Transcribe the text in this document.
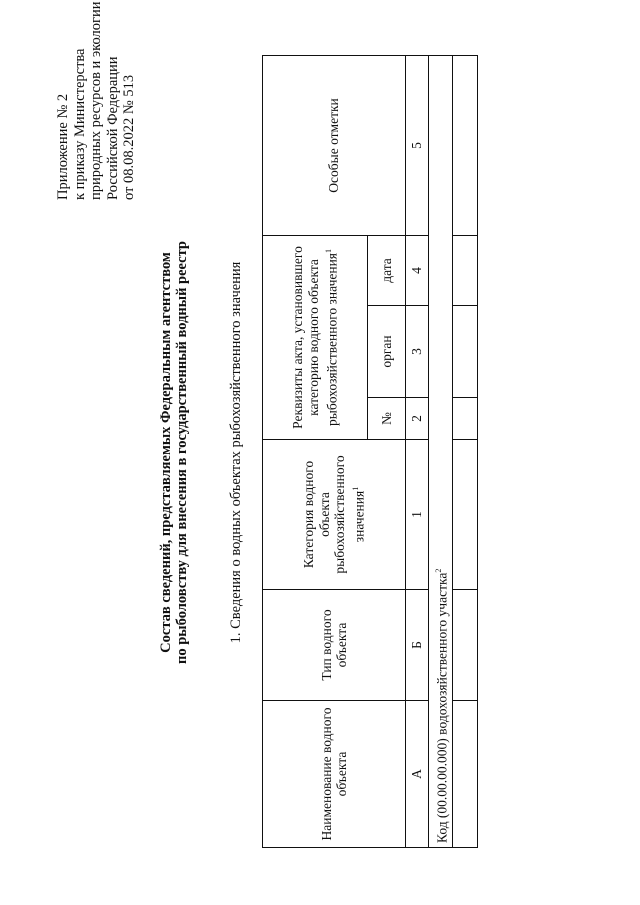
Приложение № 2 к приказу Министерства природных ресурсов и экологии Российской Федерации от 08.08.2022 № 513
Состав сведений, представляемых Федеральным агентством по рыболовству для внесения в государственный водный реестр	1. Сведения о водных объектах рыбохозяйственного значения
Наименование водного объекта	Тип водного объекта	Категория водного объекта рыбохозяйственного значения$^1$	Реквизиты акта, установившего категорию водного объекта рыбохозяйственного значения$^1$			Особые отметки
			№	орган	дата	
А	Б	1	2	3	4	5
Код (00.00.00.000) водохозяйственного участка$^2$
